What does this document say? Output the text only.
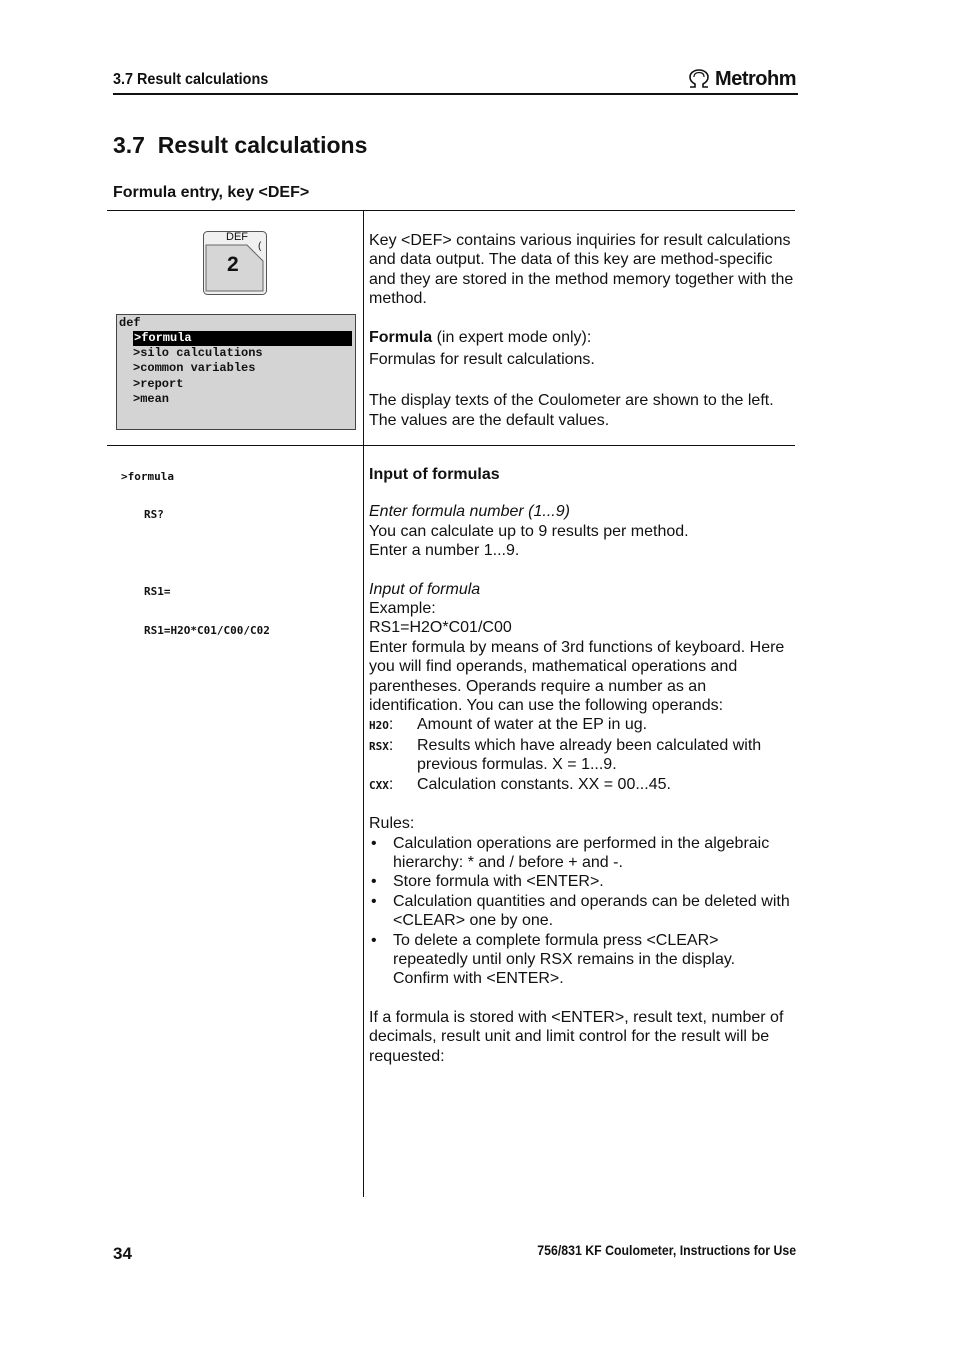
3.7 Result calculations	Metrohm
3.7  Result calculations
Formula entry, key <DEF>
DEF
(
2
def
>formula
>silo calculations
>common variables
>report
>mean

Key <DEF> contains various inquiries for result calculations and data output. The data of this key are method-specific and they are stored in the method memory together with the method.

Formula (in expert mode only):

Formulas for result calculations.

The display texts of the Coulometer are shown to the left. The values are the default values.

>formula
RS?
RS1=
RS1=H2O*C01/C00/C02

Input of formulas

Enter formula number (1...9)

You can calculate up to 9 results per method.

Enter a number 1...9.

Input of formula

Example:

RS1=H2O*C01/C00

Enter formula by means of 3rd functions of keyboard. Here you will find operands, mathematical operations and parentheses. Operands require a number as an identification. You can use the following operands:

H2O:	Amount of water at the EP in ug.
RSX:	Results which have already been calculated with previous formulas. X = 1...9.
CXX:	Calculation constants. XX = 00...45.

Rules:

•	Calculation operations are performed in the algebraic hierarchy: * and / before + and -.
•	Store formula with <ENTER>.
•	Calculation quantities and operands can be deleted with <CLEAR> one by one.
•	To delete a complete formula press <CLEAR> repeatedly until only RSX remains in the display. Confirm with <ENTER>.

If a formula is stored with <ENTER>, result text, number of decimals, result unit and limit control for the result will be requested:

34	756/831 KF Coulometer, Instructions for Use
